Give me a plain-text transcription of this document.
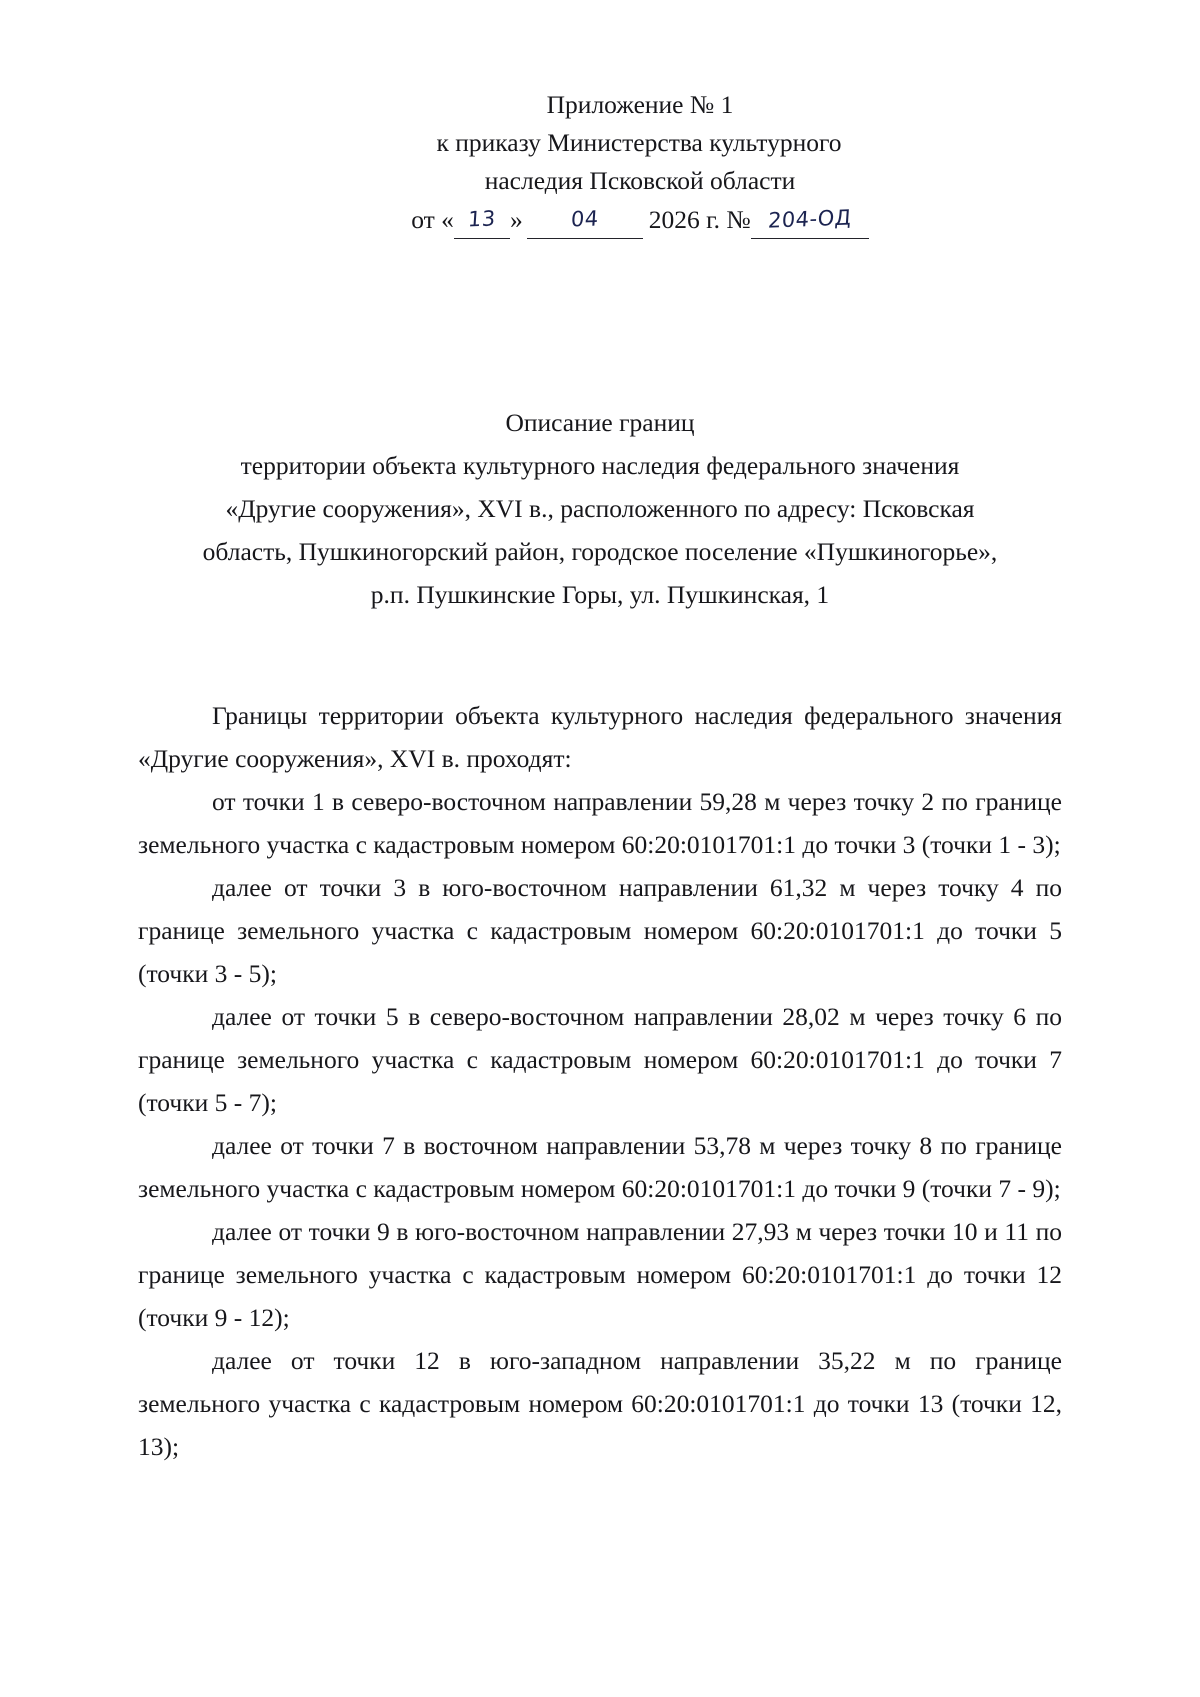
Приложение № 1
к приказу Министерства культурного
наследия Псковской области
от « 13 »	04	2026 г. № 204-ОД
Описание границ
территории объекта культурного наследия федерального значения
«Другие сооружения», XVI в., расположенного по адресу: Псковская
область, Пушкиногорский район, городское поселение «Пушкиногорье»,
р.п. Пушкинские Горы, ул. Пушкинская, 1

Границы территории объекта культурного наследия федерального значения «Другие сооружения», XVI в. проходят:

от точки 1 в северо-восточном направлении 59,28 м через точку 2 по границе земельного участка с кадастровым номером 60:20:0101701:1 до точки 3 (точки 1 - 3);

далее от точки 3 в юго-восточном направлении 61,32 м через точку 4 по границе земельного участка с кадастровым номером 60:20:0101701:1 до точки 5 (точки 3 - 5);

далее от точки 5 в северо-восточном направлении 28,02 м через точку 6 по границе земельного участка с кадастровым номером 60:20:0101701:1 до точки 7 (точки 5 - 7);

далее от точки 7 в восточном направлении 53,78 м через точку 8 по границе земельного участка с кадастровым номером 60:20:0101701:1 до точки 9 (точки 7 - 9);

далее от точки 9 в юго-восточном направлении 27,93 м через точки 10 и 11 по границе земельного участка с кадастровым номером 60:20:0101701:1 до точки 12 (точки 9 - 12);

далее от точки 12 в юго-западном направлении 35,22 м по границе земельного участка с кадастровым номером 60:20:0101701:1 до точки 13 (точки 12, 13);
